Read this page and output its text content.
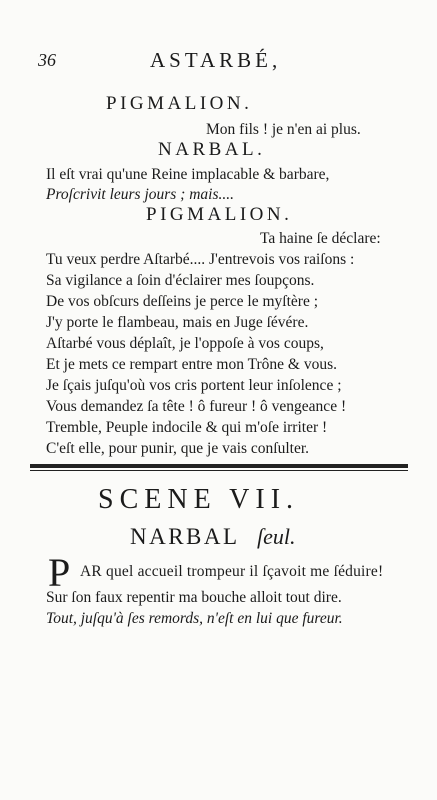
36	ASTARBÉ,
PIGMALION.
Mon fils ! je n'en ai plus.
NARBAL.
Il eſt vrai qu'une Reine implacable & barbare,
Proſcrivit leurs jours ; mais....
PIGMALION.
Ta haine ſe déclare:
Tu veux perdre Aſtarbé.... J'entrevois vos raiſons :
Sa vigilance a ſoin d'éclairer mes ſoupçons.
De vos obſcurs deſſeins je perce le myſtère ;
J'y porte le flambeau, mais en Juge ſévére.
Aſtarbé vous déplaît, je l'oppoſe à vos coups,
Et je mets ce rempart entre mon Trône & vous.
Je ſçais juſqu'où vos cris portent leur inſolence ;
Vous demandez ſa tête ! ô fureur ! ô vengeance !
Tremble, Peuple indocile & qui m'oſe irriter !
C'eſt elle, pour punir, que je vais conſulter.
SCENE VII.
NARBAL ſeul.
P AR quel accueil trompeur il ſçavoit me ſéduire!
Sur ſon faux repentir ma bouche alloit tout dire.
Tout, juſqu'à ſes remords, n'eſt en lui que fureur.
